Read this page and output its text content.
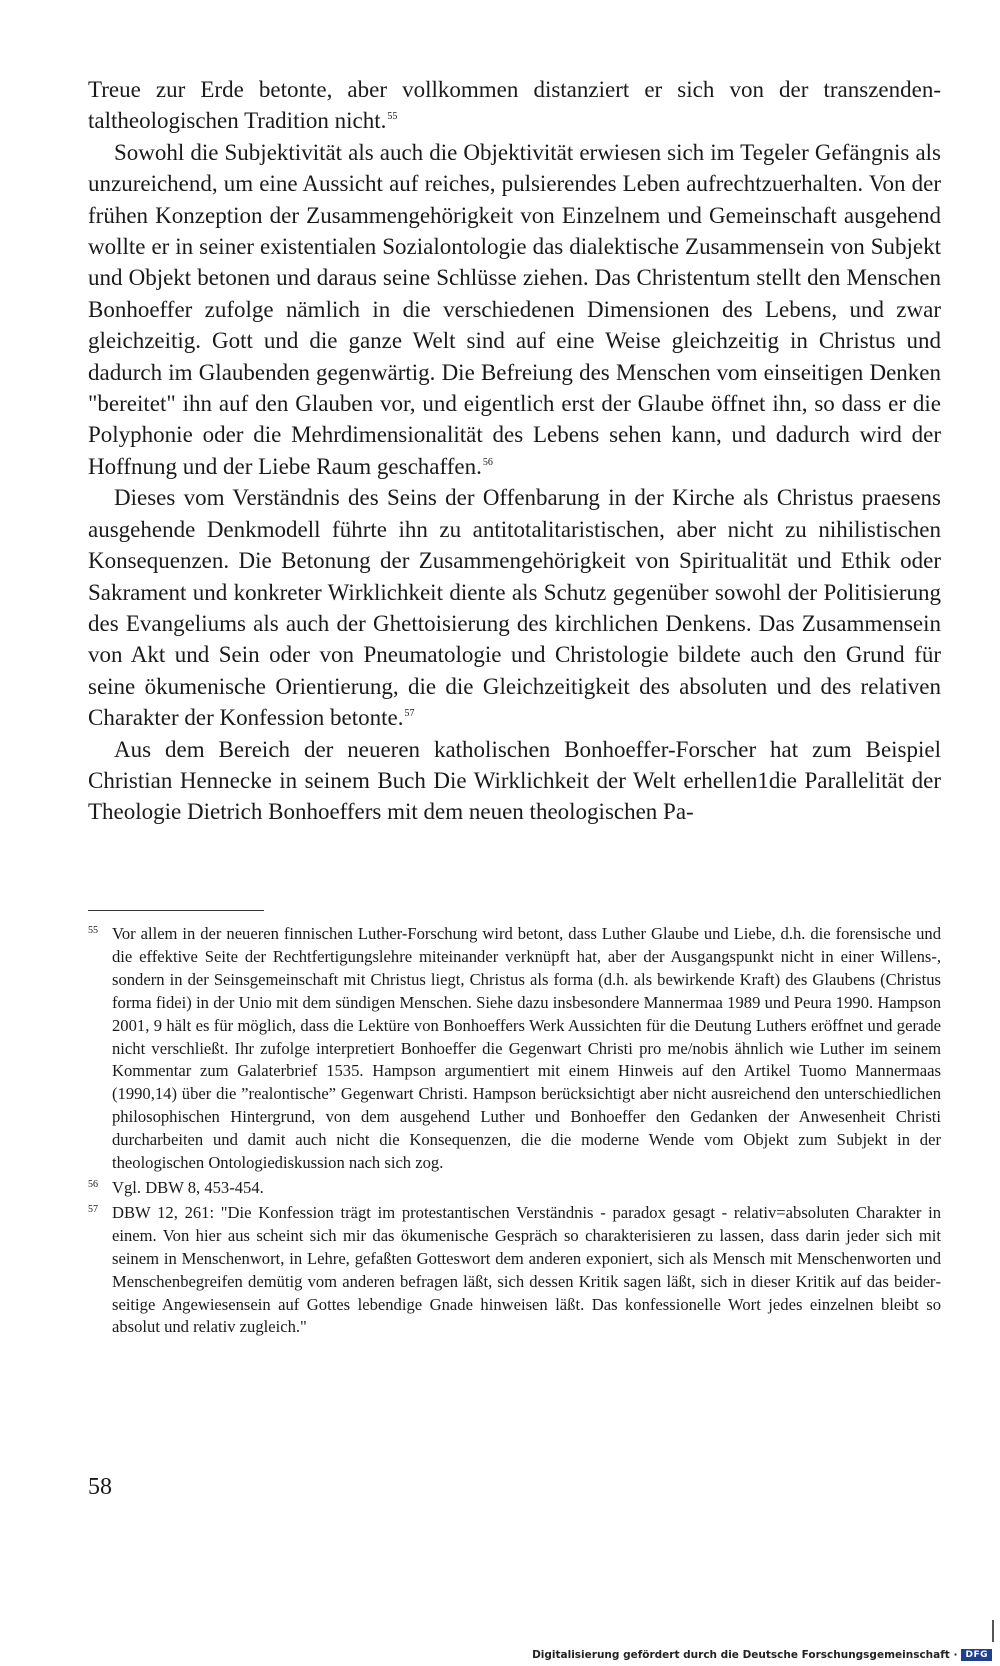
Treue zur Erde betonte, aber vollkommen distanziert er sich von der transzendentaltheologischen Tradition nicht.$^{55}$

Sowohl die Subjektivität als auch die Objektivität erwiesen sich im Tegeler Gefängnis als unzureichend, um eine Aussicht auf reiches, pulsierendes Leben aufrechtzuerhalten. Von der frühen Konzeption der Zusammengehörigkeit von Einzelnem und Gemeinschaft ausgehend wollte er in seiner existentialen Sozialontologie das dialektische Zusammensein von Subjekt und Objekt betonen und daraus seine Schlüsse ziehen. Das Christentum stellt den Menschen Bonhoeffer zufolge nämlich in die verschiedenen Dimensionen des Lebens, und zwar gleichzeitig. Gott und die ganze Welt sind auf eine Weise gleichzeitig in Christus und dadurch im Glaubenden gegenwärtig. Die Befreiung des Menschen vom einseitigen Denken "bereitet" ihn auf den Glauben vor, und eigentlich erst der Glaube öffnet ihn, so dass er die Polyphonie oder die Mehrdimensionalität des Lebens sehen kann, und dadurch wird der Hoffnung und der Liebe Raum geschaffen.$^{56}$

Dieses vom Verständnis des Seins der Offenbarung in der Kirche als Christus praesens ausgehende Denkmodell führte ihn zu antitotalitaristischen, aber nicht zu nihilistischen Konsequenzen. Die Betonung der Zusammengehörigkeit von Spiritualität und Ethik oder Sakrament und konkreter Wirklichkeit diente als Schutz gegenüber sowohl der Politisierung des Evangeliums als auch der Ghettoisierung des kirchlichen Denkens. Das Zusammensein von Akt und Sein oder von Pneumatologie und Christologie bildete auch den Grund für seine ökumenische Orientierung, die die Gleichzeitigkeit des absoluten und des relativen Charakter der Konfession betonte.$^{57}$

Aus dem Bereich der neueren katholischen Bonhoeffer-Forscher hat zum Beispiel Christian Hennecke in seinem Buch Die Wirklichkeit der Welt erhellen1die Parallelität der Theologie Dietrich Bonhoeffers mit dem neuen theologischen Pa-

55 Vor allem in der neueren finnischen Luther-Forschung wird betont, dass Luther Glaube und Liebe, d.h. die forensische und die effektive Seite der Rechtfertigungslehre miteinander verknüpft hat, aber der Ausgangspunkt nicht in einer Willens-, sondern in der Seinsgemeinschaft mit Christus liegt, Christus als forma (d.h. als bewirkende Kraft) des Glaubens (Christus forma fidei) in der Unio mit dem sündigen Menschen. Siehe dazu insbesondere Mannermaa 1989 und Peura 1990. Hampson 2001, 9 hält es für möglich, dass die Lektüre von Bonhoeffers Werk Aussichten für die Deutung Luthers eröffnet und gerade nicht verschließt. Ihr zufolge interpretiert Bonhoeffer die Gegenwart Christi pro me/nobis ähnlich wie Luther im seinem Kommentar zum Galaterbrief 1535. Hampson argumentiert mit einem Hinweis auf den Artikel Tuomo Mannermaas (1990,14) über die ”realontische” Gegenwart Christi. Hampson berücksichtigt aber nicht ausreichend den unterschiedlichen philosophischen Hintergrund, von dem ausgehend Luther und Bonhoeffer den Gedanken der Anwesenheit Christi durcharbeiten und damit auch nicht die Konsequenzen, die die moderne Wende vom Objekt zum Subjekt in der theologischen Ontologiediskussion nach sich zog.

56 Vgl. DBW 8, 453-454.

57 DBW 12, 261: "Die Konfession trägt im protestantischen Verständnis - paradox gesagt - relativ=absoluten Charakter in einem. Von hier aus scheint sich mir das ökumenische Gespräch so charakterisieren zu lassen, dass darin jeder sich mit seinem in Menschenwort, in Lehre, gefaßten Gotteswort dem anderen exponiert, sich als Mensch mit Menschenworten und Menschenbegreifen demütig vom anderen befragen läßt, sich dessen Kritik sagen läßt, sich in dieser Kritik auf das beiderseitige Angewiesensein auf Gottes lebendige Gnade hinweisen läßt. Das konfessionelle Wort jedes einzelnen bleibt so absolut und relativ zugleich."

58
Digitalisierung gefördert durch die Deutsche Forschungsgemeinschaft · DFG
